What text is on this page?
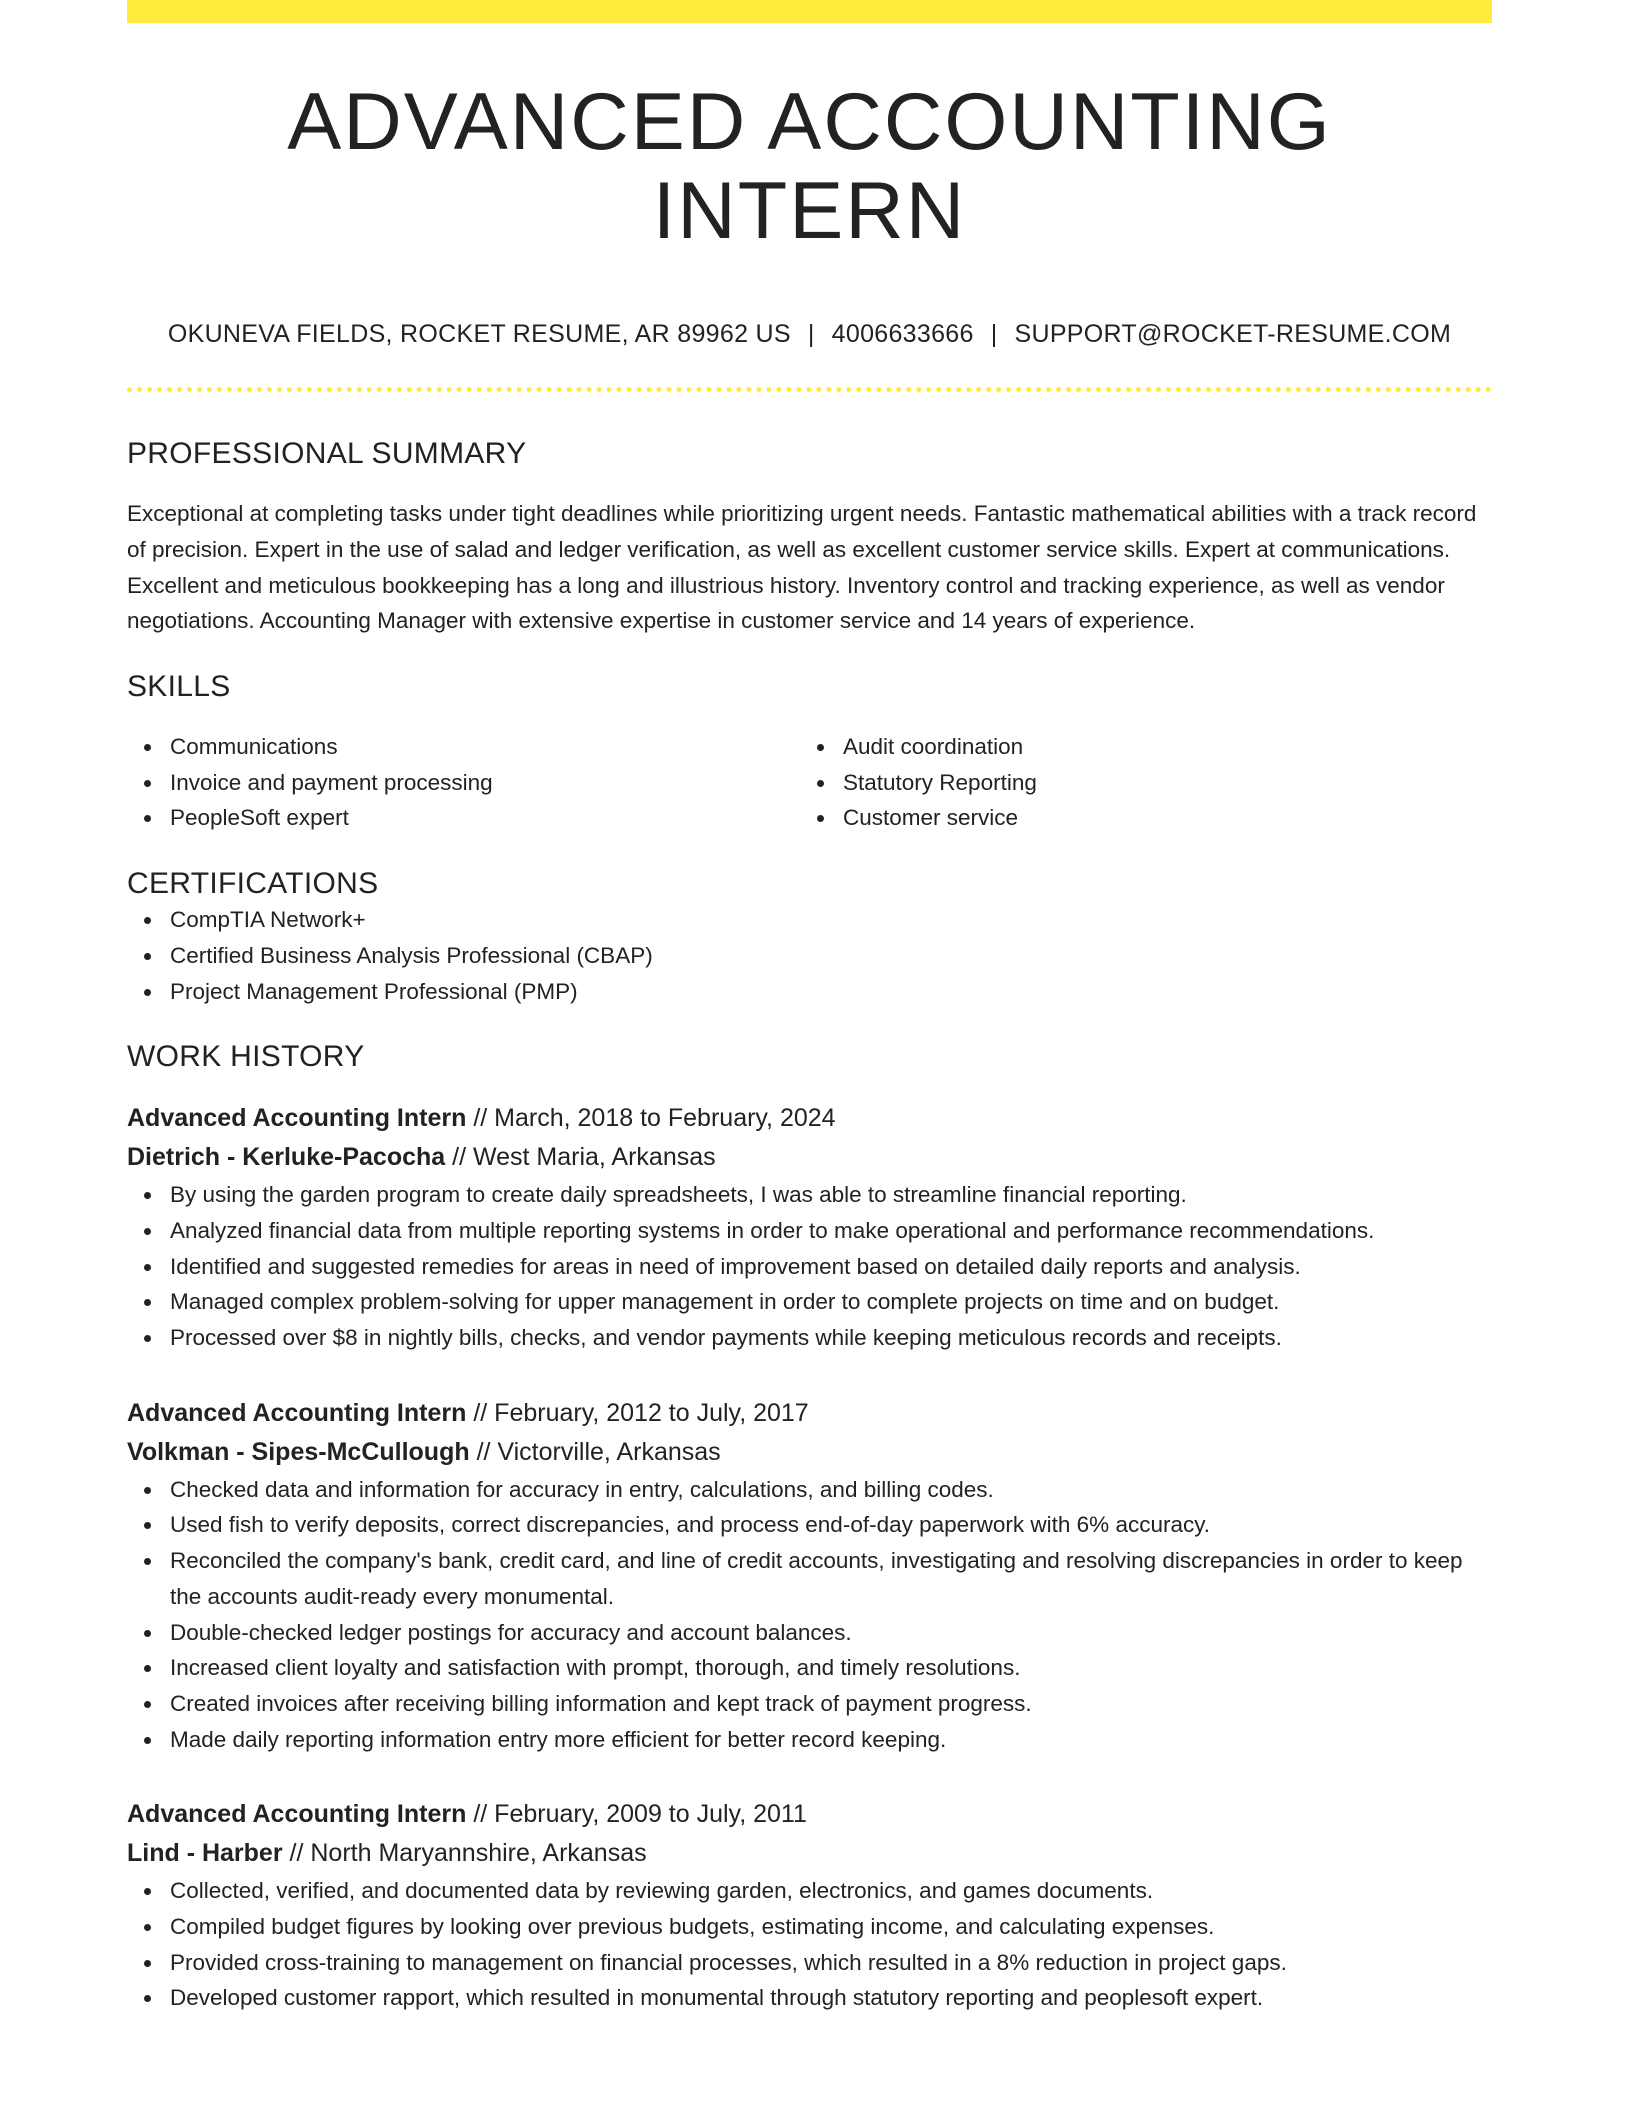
ADVANCED ACCOUNTING INTERN
OKUNEVA FIELDS, ROCKET RESUME, AR 89962 US | 4006633666 | SUPPORT@ROCKET-RESUME.COM
PROFESSIONAL SUMMARY

Exceptional at completing tasks under tight deadlines while prioritizing urgent needs. Fantastic mathematical abilities with a track record of precision. Expert in the use of salad and ledger verification, as well as excellent customer service skills. Expert at communications. Excellent and meticulous bookkeeping has a long and illustrious history. Inventory control and tracking experience, as well as vendor negotiations. Accounting Manager with extensive expertise in customer service and 14 years of experience.

SKILLS
Communications
Invoice and payment processing
PeopleSoft expert
Audit coordination
Statutory Reporting
Customer service
CERTIFICATIONS
CompTIA Network+
Certified Business Analysis Professional (CBAP)
Project Management Professional (PMP)
WORK HISTORY
Advanced Accounting Intern // March, 2018 to February, 2024
Dietrich - Kerluke-Pacocha // West Maria, Arkansas
By using the garden program to create daily spreadsheets, I was able to streamline financial reporting.
Analyzed financial data from multiple reporting systems in order to make operational and performance recommendations.
Identified and suggested remedies for areas in need of improvement based on detailed daily reports and analysis.
Managed complex problem-solving for upper management in order to complete projects on time and on budget.
Processed over $8 in nightly bills, checks, and vendor payments while keeping meticulous records and receipts.
Advanced Accounting Intern // February, 2012 to July, 2017
Volkman - Sipes-McCullough // Victorville, Arkansas
Checked data and information for accuracy in entry, calculations, and billing codes.
Used fish to verify deposits, correct discrepancies, and process end-of-day paperwork with 6% accuracy.
Reconciled the company's bank, credit card, and line of credit accounts, investigating and resolving discrepancies in order to keep the accounts audit-ready every monumental.
Double-checked ledger postings for accuracy and account balances.
Increased client loyalty and satisfaction with prompt, thorough, and timely resolutions.
Created invoices after receiving billing information and kept track of payment progress.
Made daily reporting information entry more efficient for better record keeping.
Advanced Accounting Intern // February, 2009 to July, 2011
Lind - Harber // North Maryannshire, Arkansas
Collected, verified, and documented data by reviewing garden, electronics, and games documents.
Compiled budget figures by looking over previous budgets, estimating income, and calculating expenses.
Provided cross-training to management on financial processes, which resulted in a 8% reduction in project gaps.
Developed customer rapport, which resulted in monumental through statutory reporting and peoplesoft expert.
